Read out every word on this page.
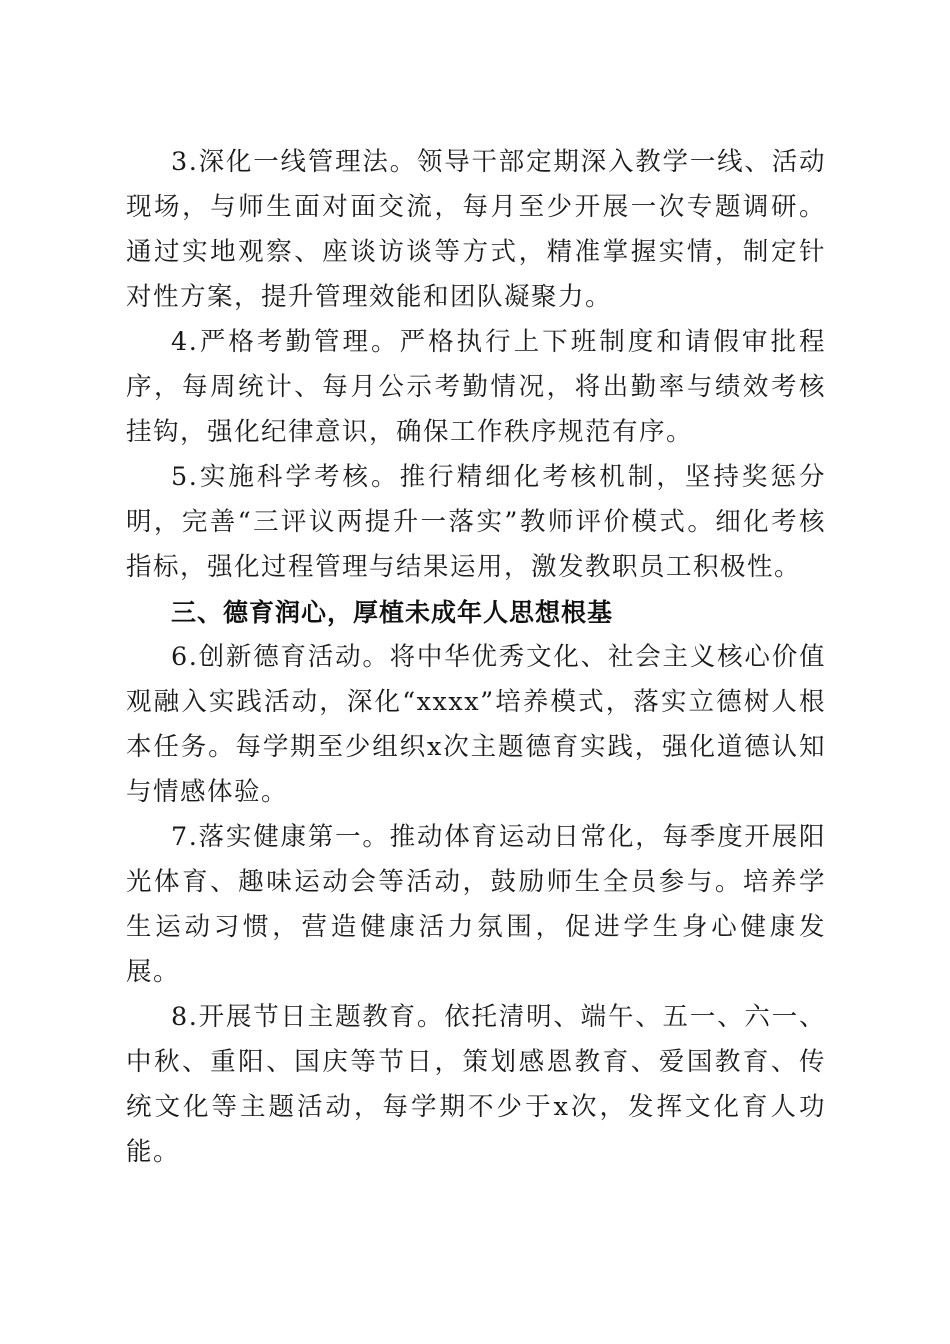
3.深化一线管理法。领导干部定期深入教学一线、活动现场，与师生面对面交流，每月至少开展一次专题调研。通过实地观察、座谈访谈等方式，精准掌握实情，制定针对性方案，提升管理效能和团队凝聚力。

4.严格考勤管理。严格执行上下班制度和请假审批程序，每周统计、每月公示考勤情况，将出勤率与绩效考核挂钩，强化纪律意识，确保工作秩序规范有序。

5.实施科学考核。推行精细化考核机制，坚持奖惩分明，完善“三评议两提升一落实”教师评价模式。细化考核指标，强化过程管理与结果运用，激发教职员工积极性。

三、德育润心，厚植未成年人思想根基

6.创新德育活动。将中华优秀文化、社会主义核心价值观融入实践活动，深化“xxxx”培养模式，落实立德树人根本任务。每学期至少组织x次主题德育实践，强化道德认知与情感体验。

7.落实健康第一。推动体育运动日常化，每季度开展阳光体育、趣味运动会等活动，鼓励师生全员参与。培养学生运动习惯，营造健康活力氛围，促进学生身心健康发展。

8.开展节日主题教育。依托清明、端午、五一、六一、中秋、重阳、国庆等节日，策划感恩教育、爱国教育、传统文化等主题活动，每学期不少于x次，发挥文化育人功能。
